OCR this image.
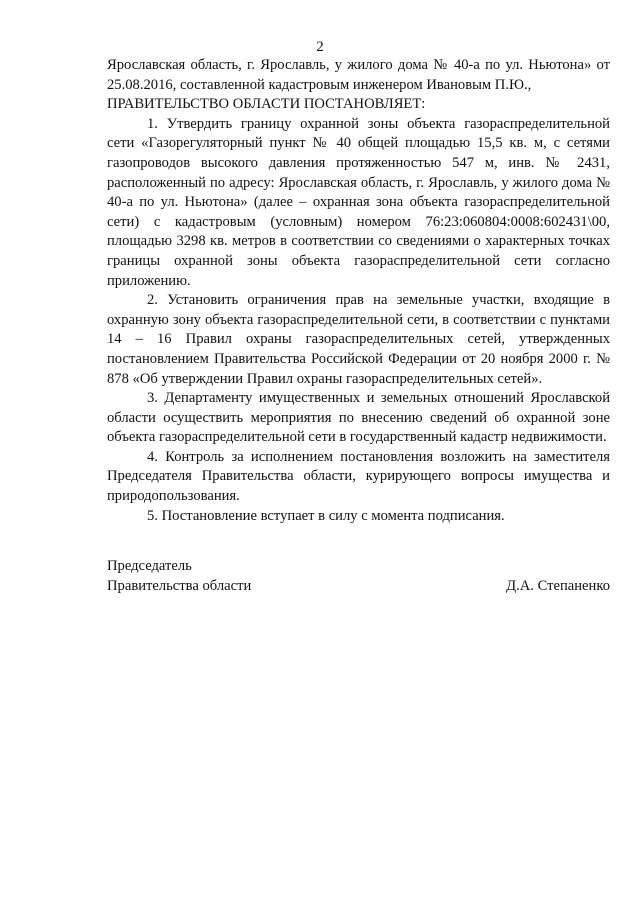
2

Ярославская область, г. Ярославль, у жилого дома № 40-а по ул. Ньютона» от 25.08.2016, составленной кадастровым инженером Ивановым П.Ю.,

ПРАВИТЕЛЬСТВО ОБЛАСТИ ПОСТАНОВЛЯЕТ:

1. Утвердить границу охранной зоны объекта газораспределительной сети «Газорегуляторный пункт № 40 общей площадью 15,5 кв. м, с сетями газопроводов высокого давления протяженностью 547 м, инв. № 2431, расположенный по адресу: Ярославская область, г. Ярославль, у жилого дома № 40-а по ул. Ньютона» (далее – охранная зона объекта газораспределительной сети) с кадастровым (условным) номером 76:23:060804:0008:602431\00, площадью 3298 кв. метров в соответствии со сведениями о характерных точках границы охранной зоны объекта газораспределительной сети согласно приложению.

2. Установить ограничения прав на земельные участки, входящие в охранную зону объекта газораспределительной сети, в соответствии с пунктами 14 – 16 Правил охраны газораспределительных сетей, утвержденных постановлением Правительства Российской Федерации от 20 ноября 2000 г. № 878 «Об утверждении Правил охраны газораспределительных сетей».

3. Департаменту имущественных и земельных отношений Ярославской области осуществить мероприятия по внесению сведений об охранной зоне объекта газораспределительной сети в государственный кадастр недвижимости.

4. Контроль за исполнением постановления возложить на заместителя Председателя Правительства области, курирующего вопросы имущества и природопользования.

5. Постановление вступает в силу с момента подписания.

Председатель
Правительства области	Д.А. Степаненко
